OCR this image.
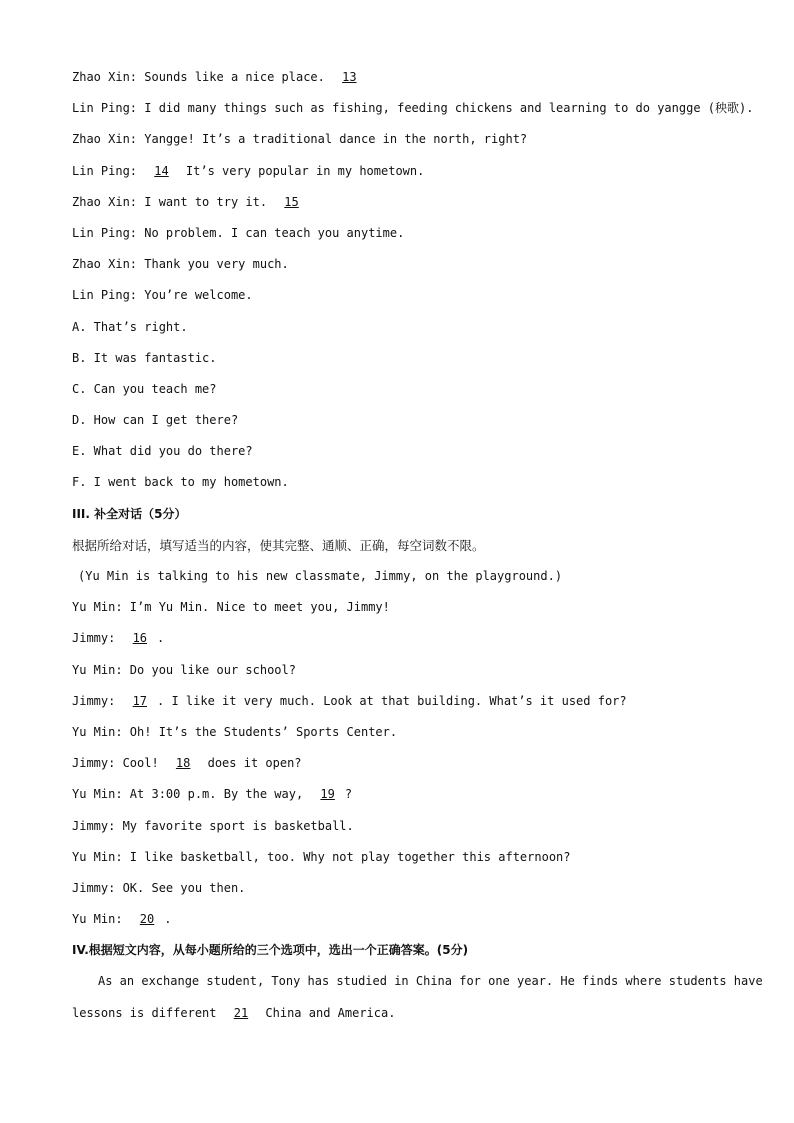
Zhao Xin: Sounds like a nice place. 13
Lin Ping: I did many things such as fishing, feeding chickens and learning to do yangge (秧歌).
Zhao Xin: Yangge! It’s a traditional dance in the north, right?
Lin Ping: 14 It’s very popular in my hometown.
Zhao Xin: I want to try it. 15
Lin Ping: No problem. I can teach you anytime.
Zhao Xin: Thank you very much.
Lin Ping: You’re welcome.
A. That’s right.
B. It was fantastic.
C. Can you teach me?
D. How can I get there?
E. What did you do there?
F. I went back to my hometown.
III. 补全对话（5分）
根据所给对话，填写适当的内容，使其完整、通顺、正确，每空词数不限。
(Yu Min is talking to his new classmate, Jimmy, on the playground.)
Yu Min: I’m Yu Min. Nice to meet you, Jimmy!
Jimmy: 16 .
Yu Min: Do you like our school?
Jimmy: 17 . I like it very much. Look at that building. What’s it used for?
Yu Min: Oh! It’s the Students’ Sports Center.
Jimmy: Cool! 18 does it open?
Yu Min: At 3:00 p.m. By the way, 19 ?
Jimmy: My favorite sport is basketball.
Yu Min: I like basketball, too. Why not play together this afternoon?
Jimmy: OK. See you then.
Yu Min: 20 .
IV.根据短文内容，从每小题所给的三个选项中，选出一个正确答案。(5分)
As an exchange student, Tony has studied in China for one year. He finds where students have
lessons is different 21 China and America.
